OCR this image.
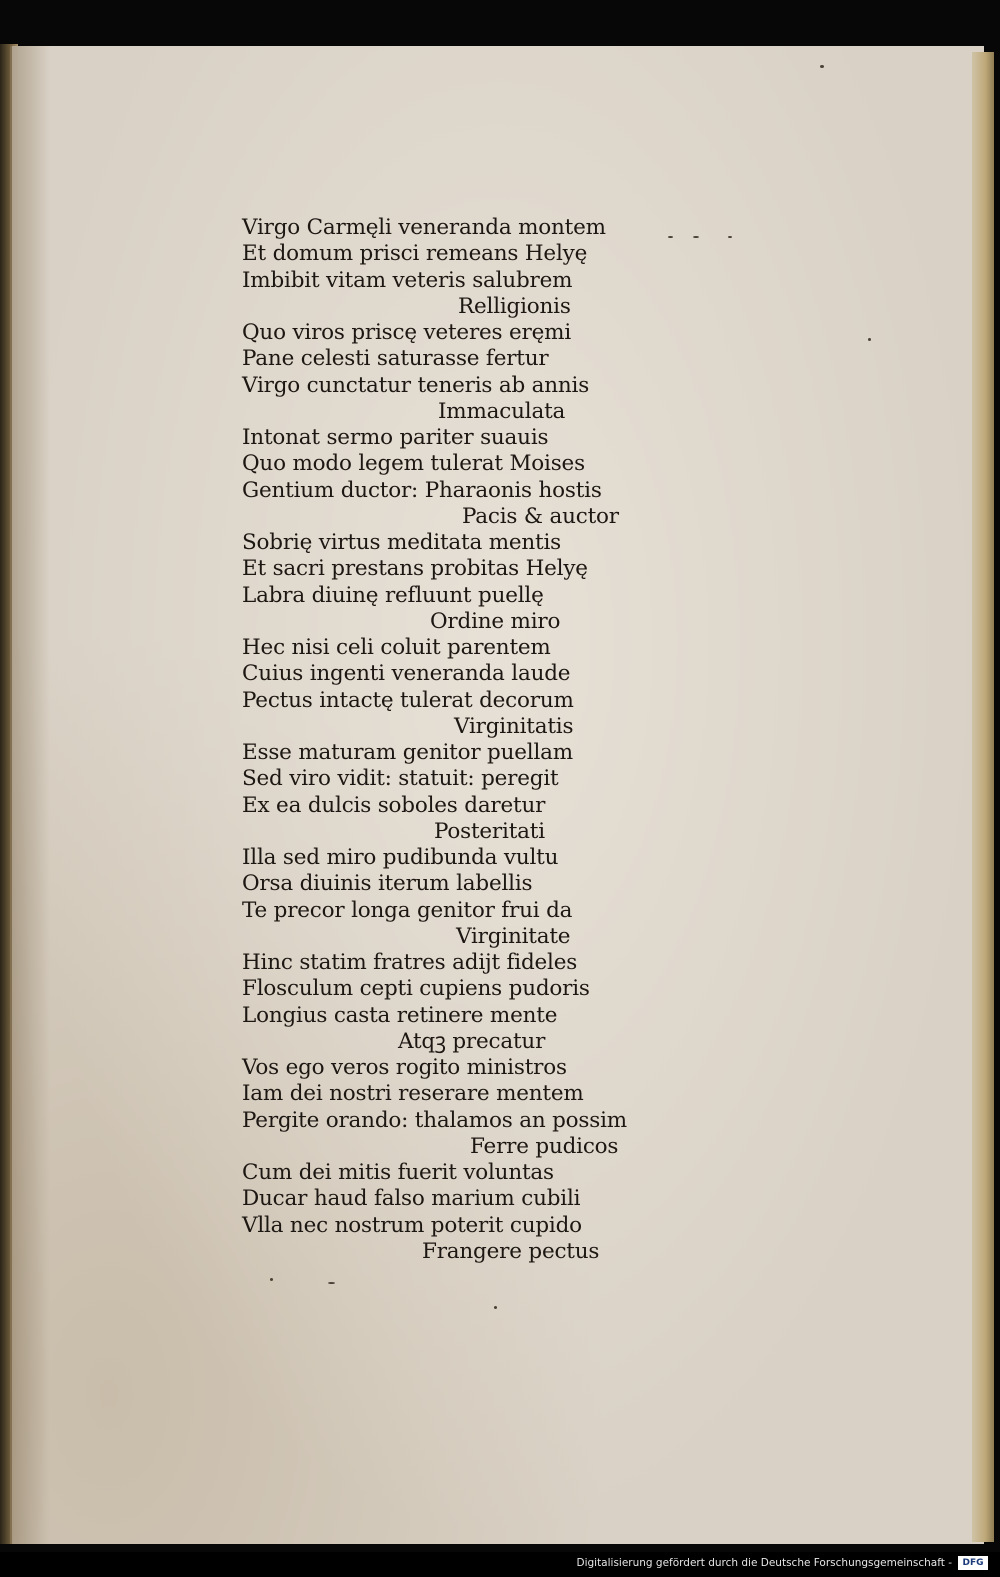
Virgo Carmęli veneranda montem
Et domum prisci remeans Helyę
Imbibit vitam veteris salubrem
Relligionis
Quo viros priscę veteres eręmi
Pane celesti saturasse fertur
Virgo cunctatur teneris ab annis
Immaculata
Intonat sermo pariter suauis
Quo modo legem tulerat Moises
Gentium ductor: Pharaonis hostis
Pacis & auctor
Sobrię virtus meditata mentis
Et sacri prestans probitas Helyę
Labra diuinę refluunt puellę
Ordine miro
Hec nisi celi coluit parentem
Cuius ingenti veneranda laude
Pectus intactę tulerat decorum
Virginitatis
Esse maturam genitor puellam
Sed viro vidit: statuit: peregit
Ex ea dulcis soboles daretur
Posteritati
Illa sed miro pudibunda vultu
Orsa diuinis iterum labellis
Te precor longa genitor frui da
Virginitate
Hinc statim fratres adijt fideles
Flosculum cepti cupiens pudoris
Longius casta retinere mente
Atqꝫ precatur
Vos ego veros rogito ministros
Iam dei nostri reserare mentem
Pergite orando: thalamos an possim
Ferre pudicos
Cum dei mitis fuerit voluntas
Ducar haud falso marium cubili
Vlla nec nostrum poterit cupido
Frangere pectus
Digitalisierung gefördert durch die Deutsche Forschungsgemeinschaft -	DFG
